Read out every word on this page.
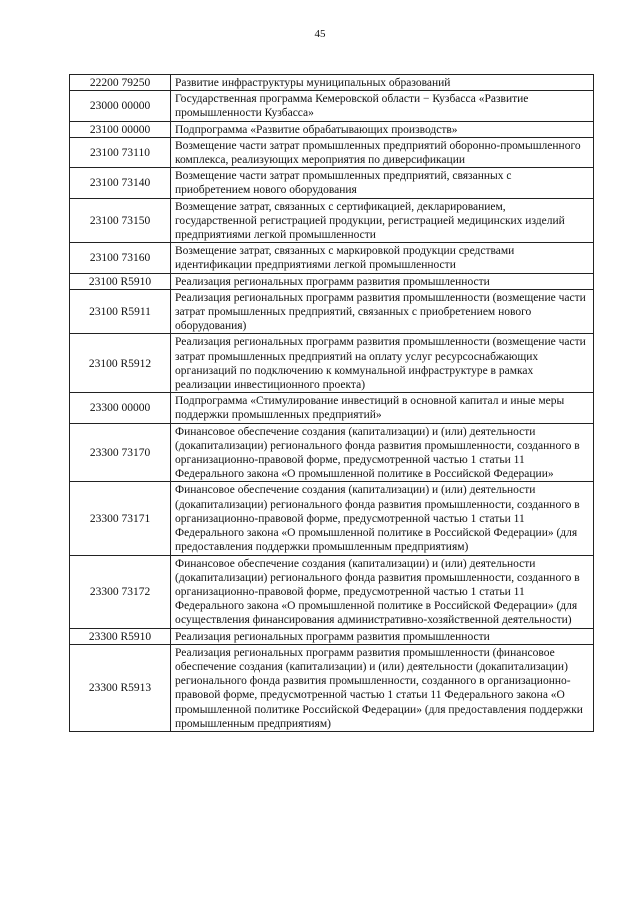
45
22200 79250	Развитие инфраструктуры муниципальных образований
23000 00000	Государственная программа Кемеровской области − Кузбасса «Развитие промышленности Кузбасса»
23100 00000	Подпрограмма «Развитие обрабатывающих производств»
23100 73110	Возмещение части затрат промышленных предприятий оборонно-промышленного комплекса, реализующих мероприятия по диверсификации
23100 73140	Возмещение части затрат промышленных предприятий, связанных с приобретением нового оборудования
23100 73150	Возмещение затрат, связанных с сертификацией, декларированием, государственной регистрацией продукции, регистрацией медицинских изделий предприятиями легкой промышленности
23100 73160	Возмещение затрат, связанных с маркировкой продукции средствами идентификации предприятиями легкой промышленности
23100 R5910	Реализация региональных программ развития промышленности
23100 R5911	Реализация региональных программ развития промышленности (возмещение части затрат промышленных предприятий, связанных с приобретением нового оборудования)
23100 R5912	Реализация региональных программ развития промышленности (возмещение части затрат промышленных предприятий на оплату услуг ресурсоснабжающих организаций по подключению к коммунальной инфраструктуре в рамках реализации инвестиционного проекта)
23300 00000	Подпрограмма «Стимулирование инвестиций в основной капитал и иные меры поддержки промышленных предприятий»
23300 73170	Финансовое обеспечение создания (капитализации) и (или) деятельности (докапитализации) регионального фонда развития промышленности, созданного в организационно-правовой форме, предусмотренной частью 1 статьи 11 Федерального закона «О промышленной политике в Российской Федерации»
23300 73171	Финансовое обеспечение создания (капитализации) и (или) деятельности (докапитализации) регионального фонда развития промышленности, созданного в организационно-правовой форме, предусмотренной частью 1 статьи 11 Федерального закона «О промышленной политике в Российской Федерации» (для предоставления поддержки промышленным предприятиям)
23300 73172	Финансовое обеспечение создания (капитализации) и (или) деятельности (докапитализации) регионального фонда развития промышленности, созданного в организационно-правовой форме, предусмотренной частью 1 статьи 11 Федерального закона «О промышленной политике в Российской Федерации» (для осуществления финансирования административно-хозяйственной деятельности)
23300 R5910	Реализация региональных программ развития промышленности
23300 R5913	Реализация региональных программ развития промышленности (финансовое обеспечение создания (капитализации) и (или) деятельности (докапитализации) регионального фонда развития промышленности, созданного в организационно-правовой форме, предусмотренной частью 1 статьи 11 Федерального закона «О промышленной политике Российской Федерации» (для предоставления поддержки промышленным предприятиям)
